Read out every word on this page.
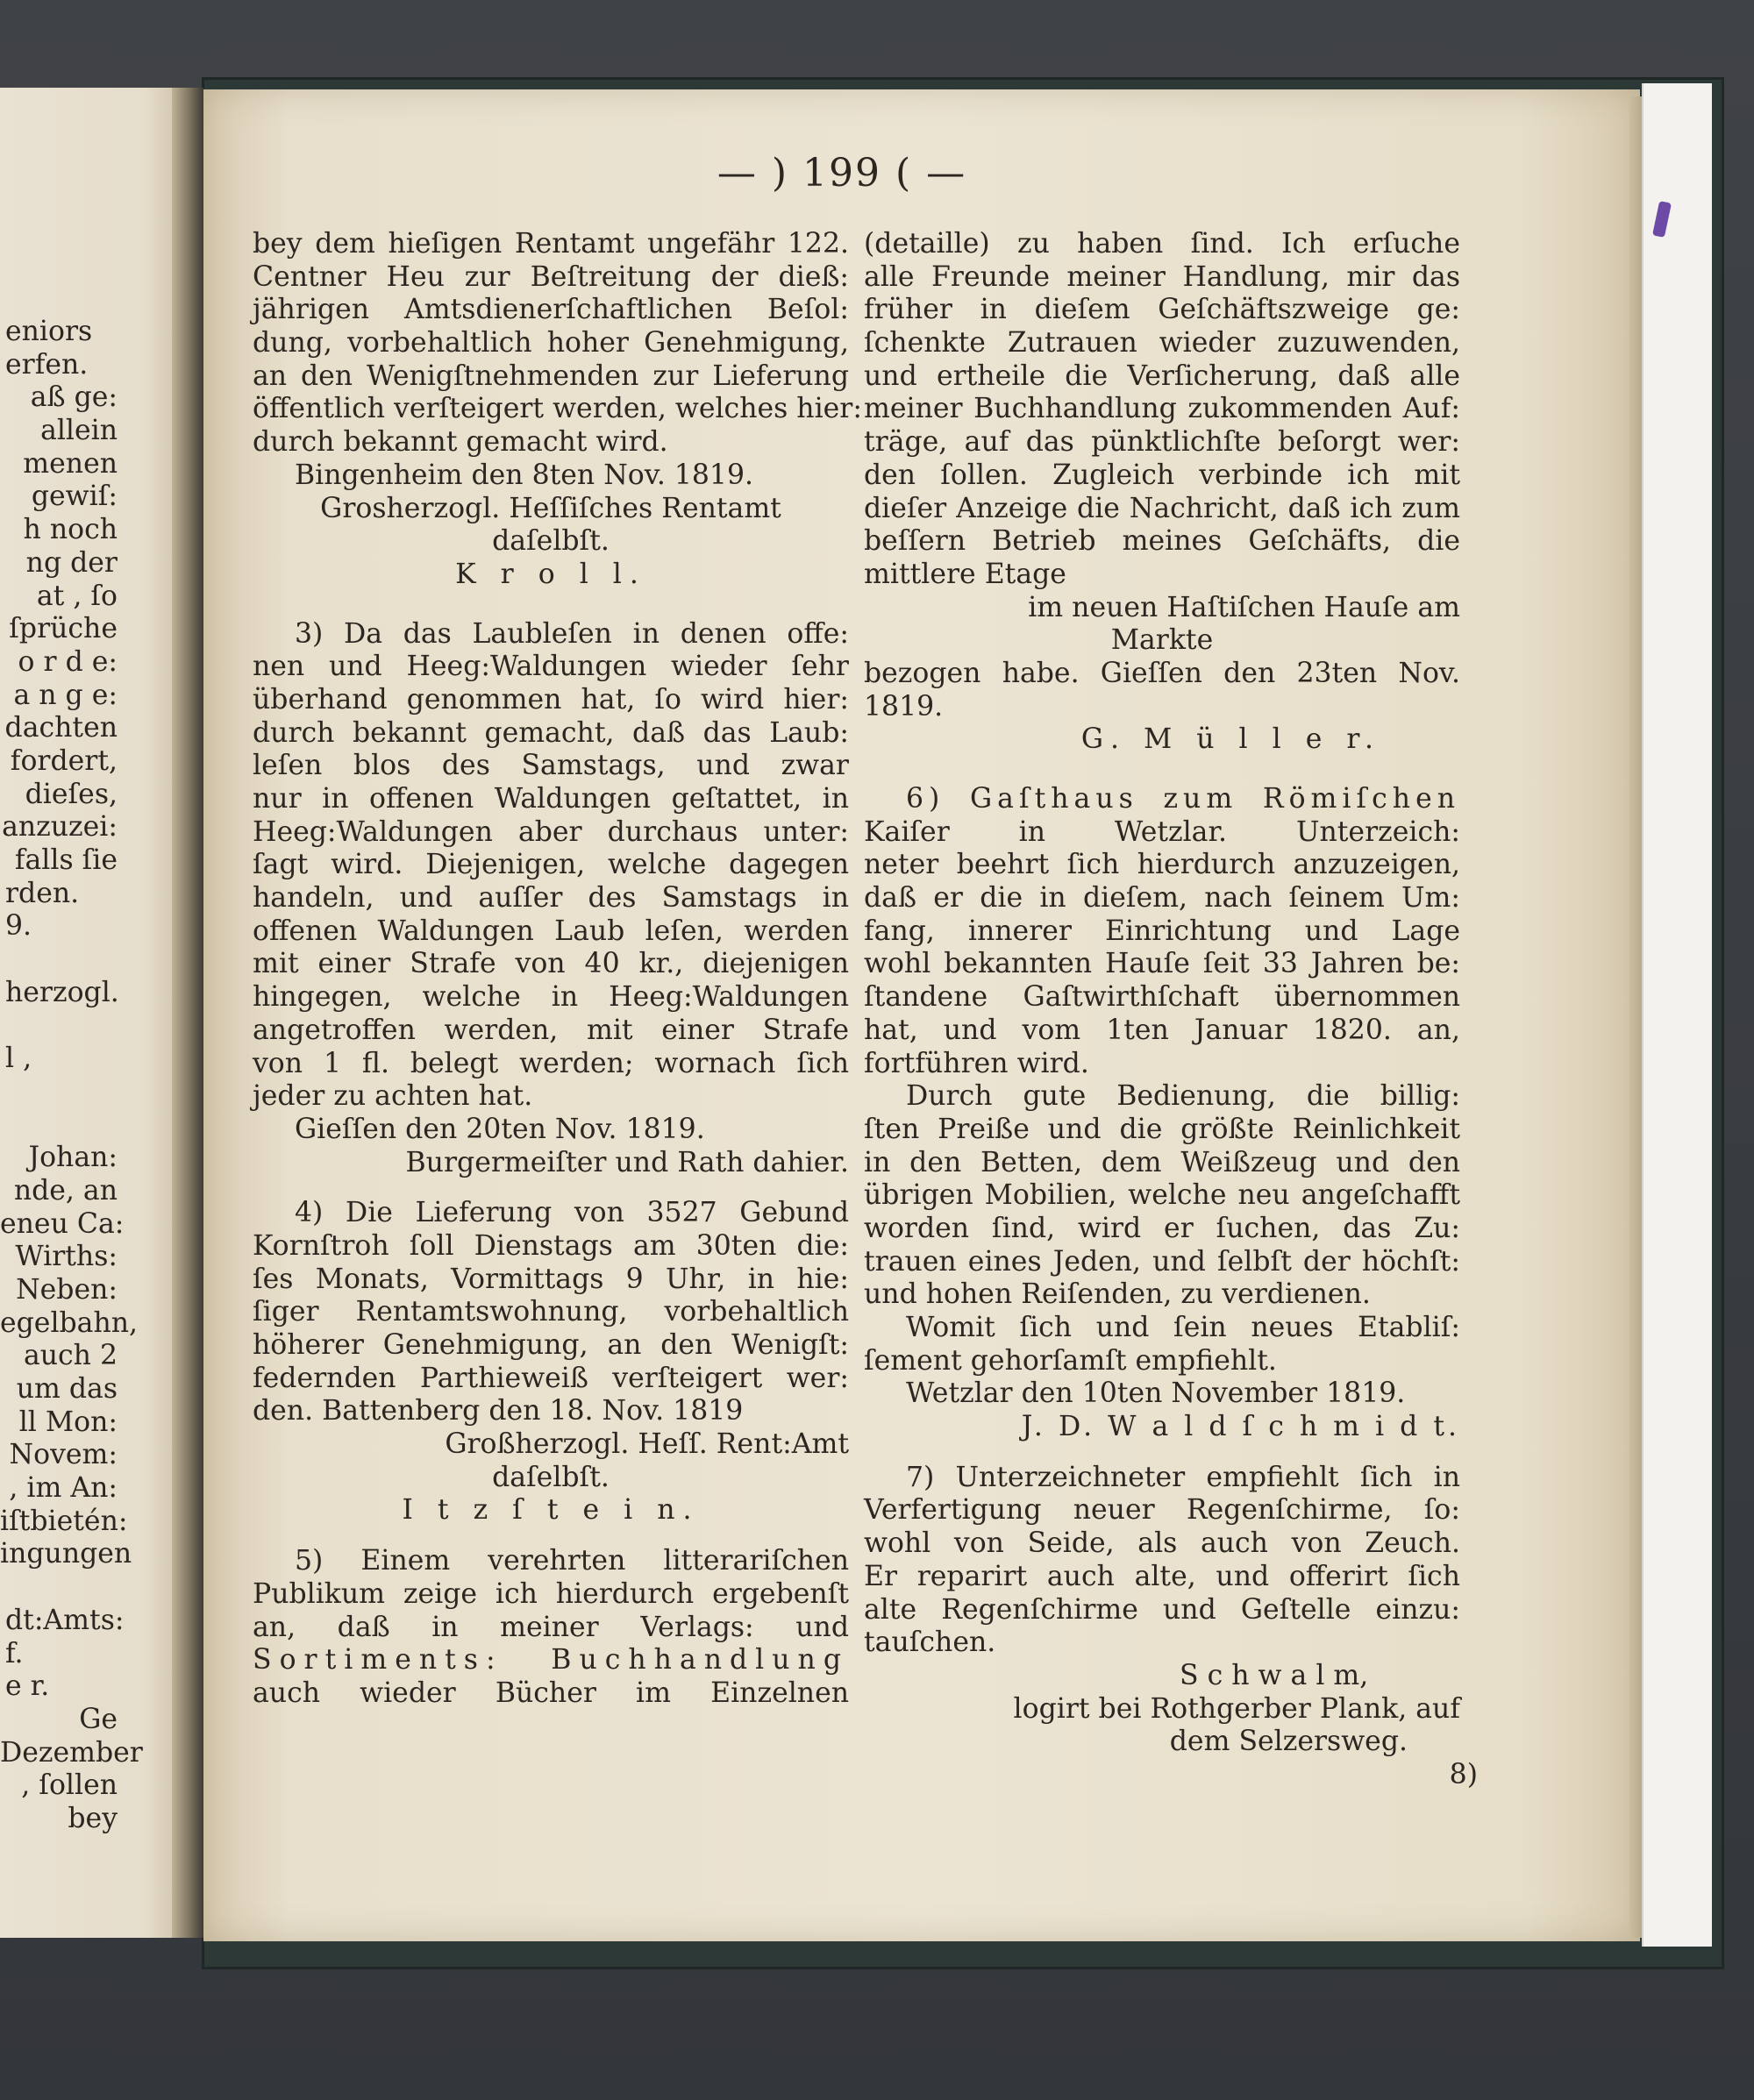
eniors
erfen.
aß ge:
allein
menen
gewiſ:
h noch
ng der
at , ſo
ſprüche
o r d e:
a n g e:
dachten
fordert,
dieſes,
anzuzei:
falls ſie
rden.
9.
herzogl.
l ,
Johan:
nde, an
eneu Ca:
Wirths:
Neben:
egelbahn,
auch 2
um das
ll Mon:
Novem:
, im An:
iſtbietén:
ingungen
dt:Amts:
f.
e r.
Ge
Dezember
, ſollen
bey
— ) 199 ( —
bey dem hieſigen Rentamt ungefähr 122.
Centner Heu zur Beſtreitung der dieß:
jährigen Amtsdienerſchaftlichen Beſol:
dung, vorbehaltlich hoher Genehmigung,
an den Wenigſtnehmenden zur Lieferung
öffentlich verſteigert werden, welches hier:
durch bekannt gemacht wird.
Bingenheim den 8ten Nov. 1819.
Grosherzogl. Heſſiſches Rentamt
daſelbſt.
K r o l l.
3) Da das Laubleſen in denen offe:
nen und Heeg:Waldungen wieder ſehr
überhand genommen hat, ſo wird hier:
durch bekannt gemacht, daß das Laub:
leſen blos des Samstags, und zwar
nur in offenen Waldungen geſtattet, in
Heeg:Waldungen aber durchaus unter:
ſagt wird. Diejenigen, welche dagegen
handeln, und auſſer des Samstags in
offenen Waldungen Laub leſen, werden
mit einer Strafe von 40 kr., diejenigen
hingegen, welche in Heeg:Waldungen
angetroffen werden, mit einer Strafe
von 1 fl. belegt werden; wornach ſich
jeder zu achten hat.
Gieſſen den 20ten Nov. 1819.
Burgermeiſter und Rath dahier.
4) Die Lieferung von 3527 Gebund
Kornſtroh ſoll Dienstags am 30ten die:
ſes Monats, Vormittags 9 Uhr, in hie:
ſiger Rentamtswohnung, vorbehaltlich
höherer Genehmigung, an den Wenigſt:
federnden Parthieweiß verſteigert wer:
den. Battenberg den 18. Nov. 1819
Großherzogl. Heſſ. Rent:Amt
daſelbſt.
I t z ſ t e i n.
5) Einem verehrten litterariſchen
Publikum zeige ich hierdurch ergebenſt
an, daß in meiner Verlags: und
Sortiments: Buchhandlung
auch wieder Bücher im Einzelnen
(detaille) zu haben ſind. Ich erſuche
alle Freunde meiner Handlung, mir das
früher in dieſem Geſchäftszweige ge:
ſchenkte Zutrauen wieder zuzuwenden,
und ertheile die Verſicherung, daß alle
meiner Buchhandlung zukommenden Auf:
träge, auf das pünktlichſte beſorgt wer:
den ſollen. Zugleich verbinde ich mit
dieſer Anzeige die Nachricht, daß ich zum
beſſern Betrieb meines Geſchäfts, die
mittlere Etage
im neuen Haſtiſchen Hauſe am
Markte
bezogen habe. Gieſſen den 23ten Nov.
1819.
G. M ü l l e r.
6) Gaſthaus zum Römiſchen
Kaiſer in Wetzlar. Unterzeich:
neter beehrt ſich hierdurch anzuzeigen,
daß er die in dieſem, nach ſeinem Um:
fang, innerer Einrichtung und Lage
wohl bekannten Hauſe ſeit 33 Jahren be:
ſtandene Gaſtwirthſchaft übernommen
hat, und vom 1ten Januar 1820. an,
fortführen wird.
Durch gute Bedienung, die billig:
ſten Preiße und die größte Reinlichkeit
in den Betten, dem Weißzeug und den
übrigen Mobilien, welche neu angeſchafft
worden ſind, wird er ſuchen, das Zu:
trauen eines Jeden, und ſelbſt der höchſt:
und hohen Reiſenden, zu verdienen.
Womit ſich und ſein neues Etabliſ:
ſement gehorſamſt empfiehlt.
Wetzlar den 10ten November 1819.
J. D. W a l d ſ c h m i d t.
7) Unterzeichneter empfiehlt ſich in
Verfertigung neuer Regenſchirme, ſo:
wohl von Seide, als auch von Zeuch.
Er reparirt auch alte, und offerirt ſich
alte Regenſchirme und Geſtelle einzu:
tauſchen.
S c h w a l m,
logirt bei Rothgerber Plank, auf
dem Selzersweg.
8)
